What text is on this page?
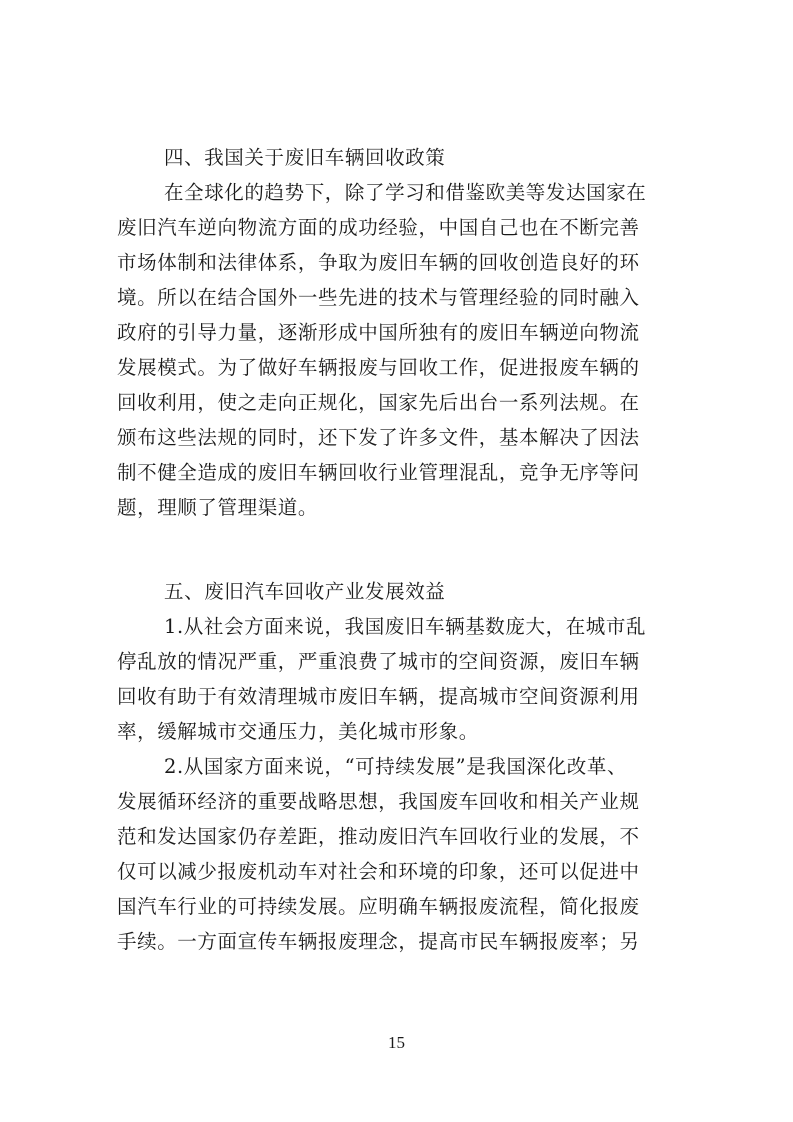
四、我国关于废旧车辆回收政策
在全球化的趋势下，除了学习和借鉴欧美等发达国家在
废旧汽车逆向物流方面的成功经验，中国自己也在不断完善
市场体制和法律体系，争取为废旧车辆的回收创造良好的环
境。所以在结合国外一些先进的技术与管理经验的同时融入
政府的引导力量，逐渐形成中国所独有的废旧车辆逆向物流
发展模式。为了做好车辆报废与回收工作，促进报废车辆的
回收利用，使之走向正规化，国家先后出台一系列法规。在
颁布这些法规的同时，还下发了许多文件，基本解决了因法
制不健全造成的废旧车辆回收行业管理混乱，竞争无序等问
题，理顺了管理渠道。
五、废旧汽车回收产业发展效益
1.从社会方面来说，我国废旧车辆基数庞大，在城市乱
停乱放的情况严重，严重浪费了城市的空间资源，废旧车辆
回收有助于有效清理城市废旧车辆，提高城市空间资源利用
率，缓解城市交通压力，美化城市形象。
2.从国家方面来说，“可持续发展”是我国深化改革、
发展循环经济的重要战略思想，我国废车回收和相关产业规
范和发达国家仍存差距，推动废旧汽车回收行业的发展，不
仅可以减少报废机动车对社会和环境的印象，还可以促进中
国汽车行业的可持续发展。应明确车辆报废流程，简化报废
手续。一方面宣传车辆报废理念，提高市民车辆报废率；另
15
